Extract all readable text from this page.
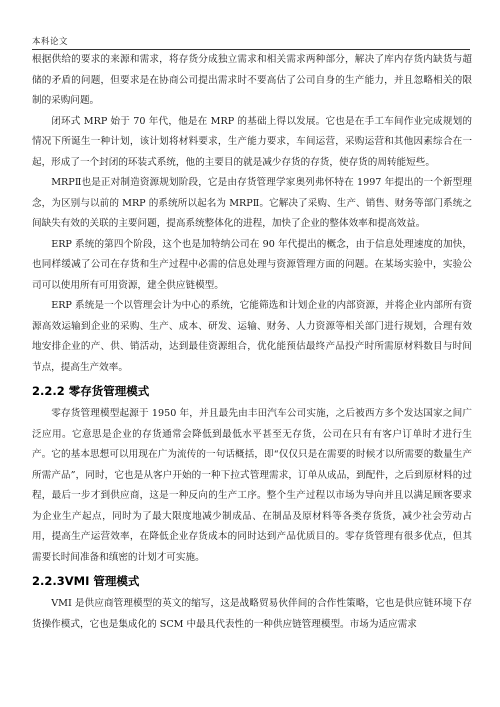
本科论文

根据供给的要求的来源和需求，将存货分成独立需求和相关需求两种部分，解决了库内存货内缺货与超储的矛盾的问题，但要求是在协商公司提出需求时不要高估了公司自身的生产能力，并且忽略相关的限制的采购问题。

闭环式 MRP 始于 70 年代，他是在 MRP 的基础上得以发展。它也是在手工车间作业完成规划的情况下所诞生一种计划，该计划将材料要求，生产能力要求，车间运营，采购运营和其他因素综合在一起，形成了一个封闭的环装式系统，他的主要目的就是减少存货的存货，使存货的周转能短些。

MRPⅡ也是正对制造资源规划阶段，它是由存货管理学家奥列弗怀特在 1997 年提出的一个新型理念，为区别与以前的 MRP 的系统所以起名为 MRPⅡ。它解决了采购、生产、销售、财务等部门系统之间缺失有效的关联的主要问题，提高系统整体化的进程，加快了企业的整体效率和提高效益。

ERP 系统的第四个阶段，这个也是加特纳公司在 90 年代提出的概念，由于信息处理速度的加快，也同样缓减了公司在存货和生产过程中必需的信息处理与资源管理方面的问题。在某场实验中，实验公司可以使用所有可用资源，建全供应链模型。

ERP 系统是一个以管理会计为中心的系统，它能筛选和计划企业的内部资源，并将企业内部所有资源高效运输到企业的采购、生产、成本、研发、运输、财务、人力资源等相关部门进行规划，合理有效地安排企业的产、供、销活动，达到最佳资源组合，优化能预估最终产品投产时所需原材料数目与时间节点，提高生产效率。

2.2.2 零存货管理模式

零存货管理模型起源于 1950 年，并且最先由丰田汽车公司实施，之后被西方多个发达国家之间广泛应用。它意思是企业的存货通常会降低到最低水平甚至无存货，公司在只有有客户订单时才进行生产。它的基本思想可以用现在广为流传的一句话概括，即“仅仅只是在需要的时候才以所需要的数量生产所需产品”，同时，它也是从客户开始的一种下拉式管理需求，订单从成品，到配件，之后到原材料的过程，最后一步才到供应商，这是一种反向的生产工序。整个生产过程以市场为导向并且以满足顾客要求为企业生产起点，同时为了最大限度地减少制成品、在制品及原材料等各类存货货，减少社会劳动占用，提高生产运营效率，在降低企业存货成本的同时达到产品优质目的。零存货管理有很多优点，但其需要长时间准备和缜密的计划才可实施。

2.2.3VMI 管理模式

VMI 是供应商管理模型的英文的缩写，这是战略贸易伙伴间的合作性策略，它也是供应链环境下存货操作模式，它也是集成化的 SCM 中最具代表性的一种供应链管理模型。市场为适应需求
